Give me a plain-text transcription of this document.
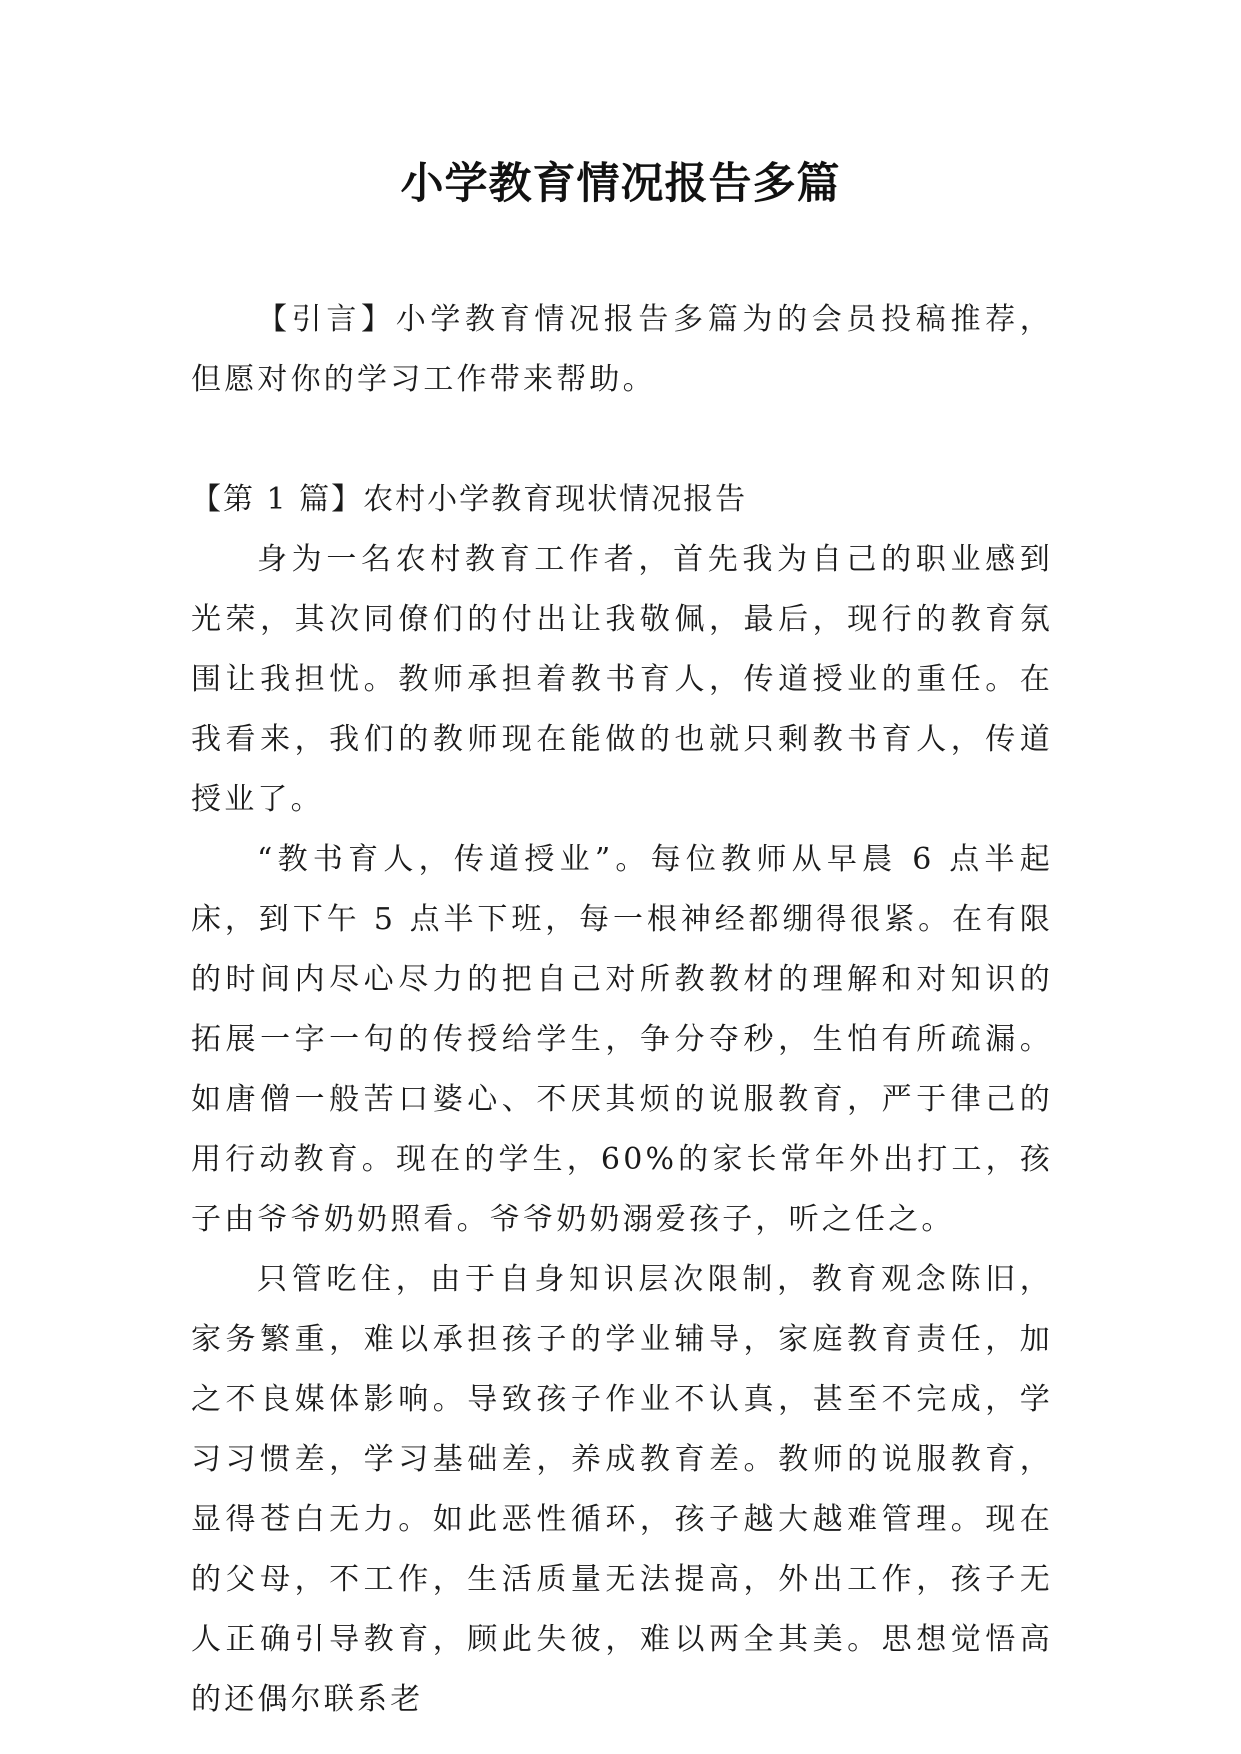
小学教育情况报告多篇

【引言】小学教育情况报告多篇为的会员投稿推荐，但愿对你的学习工作带来帮助。

【第 1 篇】农村小学教育现状情况报告

身为一名农村教育工作者，首先我为自己的职业感到光荣，其次同僚们的付出让我敬佩，最后，现行的教育氛围让我担忧。教师承担着教书育人，传道授业的重任。在我看来，我们的教师现在能做的也就只剩教书育人，传道授业了。

“教书育人，传道授业”。每位教师从早晨 6 点半起床，到下午 5 点半下班，每一根神经都绷得很紧。在有限的时间内尽心尽力的把自己对所教教材的理解和对知识的拓展一字一句的传授给学生，争分夺秒，生怕有所疏漏。如唐僧一般苦口婆心、不厌其烦的说服教育，严于律己的用行动教育。现在的学生，60%的家长常年外出打工，孩子由爷爷奶奶照看。爷爷奶奶溺爱孩子，听之任之。

只管吃住，由于自身知识层次限制，教育观念陈旧，家务繁重，难以承担孩子的学业辅导，家庭教育责任，加之不良媒体影响。导致孩子作业不认真，甚至不完成，学习习惯差，学习基础差，养成教育差。教师的说服教育，显得苍白无力。如此恶性循环，孩子越大越难管理。现在的父母，不工作，生活质量无法提高，外出工作，孩子无人正确引导教育，顾此失彼，难以两全其美。思想觉悟高的还偶尔联系老
